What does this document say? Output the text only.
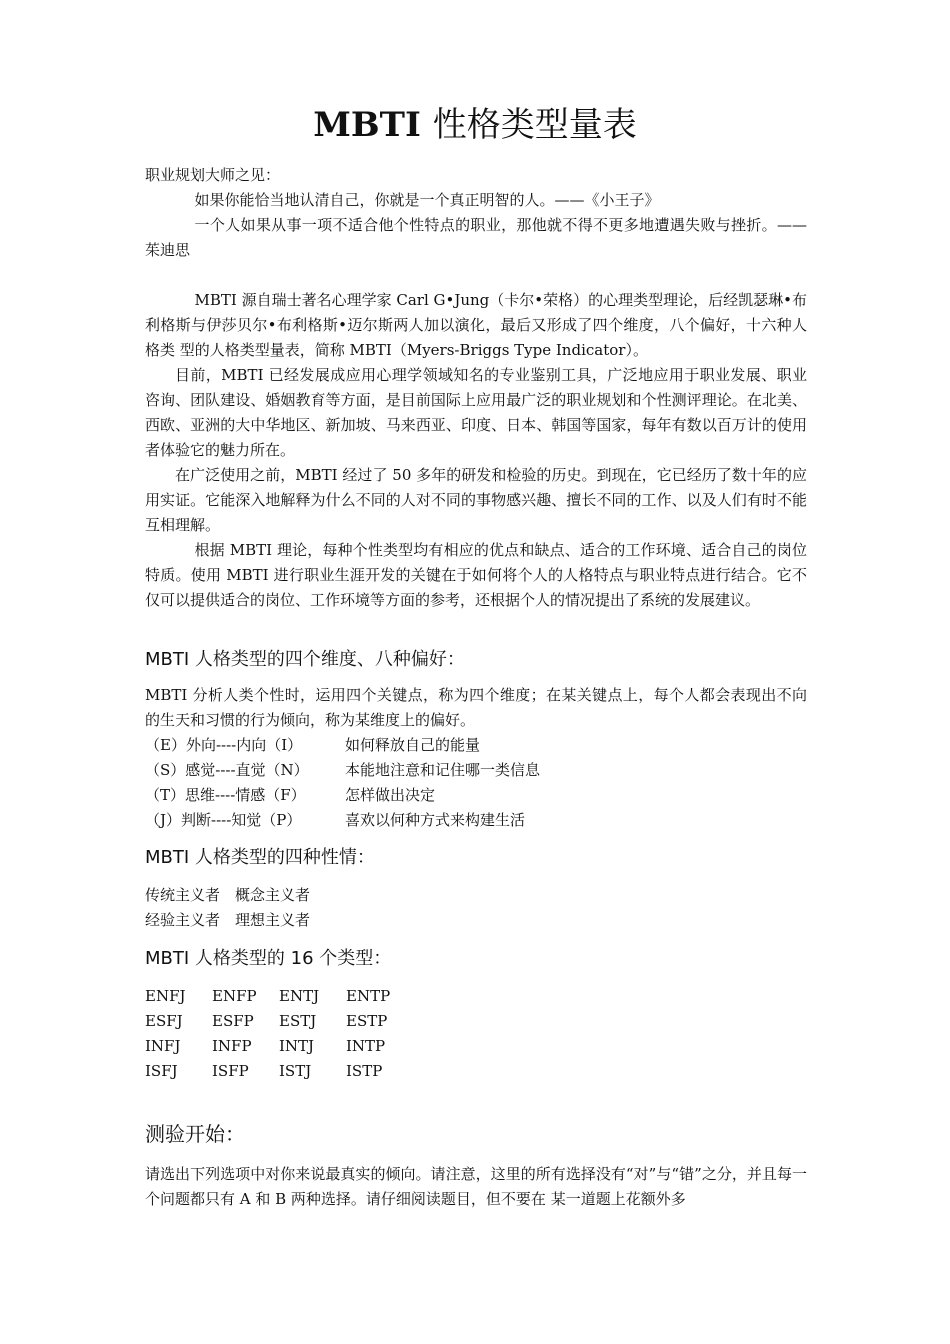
MBTI 性格类型量表

职业规划大师之见：

如果你能恰当地认清自己，你就是一个真正明智的人。——《小王子》

一个人如果从事一项不适合他个性特点的职业，那他就不得不更多地遭遇失败与挫折。——茱迪思

MBTI 源自瑞士著名心理学家 Carl G•Jung（卡尔•荣格）的心理类型理论，后经凯瑟琳•布利格斯与伊莎贝尔•布利格斯•迈尔斯两人加以演化，最后又形成了四个维度，八个偏好，十六种人格类 型的人格类型量表，简称 MBTI（Myers-Briggs Type Indicator）。

目前，MBTI 已经发展成应用心理学领域知名的专业鉴别工具，广泛地应用于职业发展、职业咨询、团队建设、婚姻教育等方面，是目前国际上应用最广泛的职业规划和个性测评理论。在北美、西欧、亚洲的大中华地区、新加坡、马来西亚、印度、日本、韩国等国家，每年有数以百万计的使用者体验它的魅力所在。

在广泛使用之前，MBTI 经过了 50 多年的研发和检验的历史。到现在，它已经历了数十年的应用实证。它能深入地解释为什么不同的人对不同的事物感兴趣、擅长不同的工作、以及人们有时不能互相理解。

根据 MBTI 理论，每种个性类型均有相应的优点和缺点、适合的工作环境、适合自己的岗位特质。使用 MBTI 进行职业生涯开发的关键在于如何将个人的人格特点与职业特点进行结合。它不仅可以提供适合的岗位、工作环境等方面的参考，还根据个人的情况提出了系统的发展建议。

MBTI 人格类型的四个维度、八种偏好：

MBTI 分析人类个性时，运用四个关键点，称为四个维度；在某关键点上，每个人都会表现出不向的生天和习惯的行为倾向，称为某维度上的偏好。

（E）外向----内向（I）	如何释放自己的能量
（S）感觉----直觉（N）	本能地注意和记住哪一类信息
（T）思维----情感（F）	怎样做出决定
（J）判断----知觉（P）	喜欢以何种方式来构建生活

MBTI 人格类型的四种性情：

传统主义者　概念主义者

经验主义者　理想主义者

MBTI 人格类型的 16 个类型：

ENFJ	ENFP	ENTJ	ENTP
ESFJ	ESFP	ESTJ	ESTP
INFJ	INFP	INTJ	INTP
ISFJ	ISFP	ISTJ	ISTP

测验开始：

请选出下列选项中对你来说最真实的倾向。请注意，这里的所有选择没有“对”与“错”之分，并且每一个问题都只有 A 和 B 两种选择。请仔细阅读题目，但不要在 某一道题上花额外多
